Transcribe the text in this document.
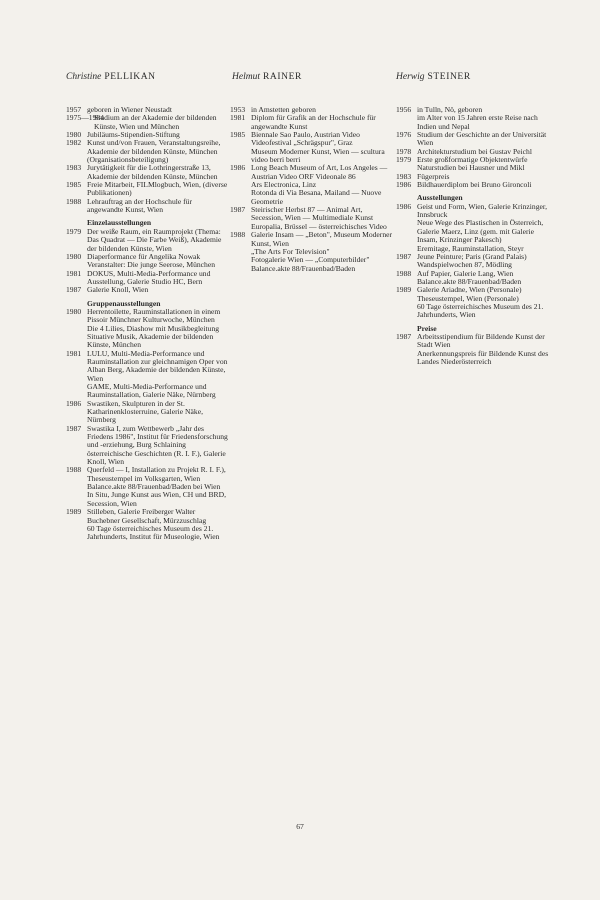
Christine PELLIKAN	Helmut RAINER	Herwig STEINER
1957 geboren in Wiener Neustadt
1975—1984
Studium an der Akademie der bildenden Künste, Wien und München
1980 Jubiläums-Stipendien-Stiftung
1982 Kunst und/von Frauen, Veranstaltungsreihe, Akademie der bildenden Künste, München (Organisationsbeteiligung)
1983 Jurytätigkeit für die Lothringerstraße 13, Akademie der bildenden Künste, München
1985 Freie Mitarbeit, FILMlogbuch, Wien, (diverse Publikationen)
1988 Lehrauftrag an der Hochschule für angewandte Kunst, Wien
Einzelausstellungen
1979 Der weiße Raum, ein Raumprojekt (Thema: Das Quadrat — Die Farbe Weiß), Akademie der bildenden Künste, Wien
1980 Diaperformance für Angelika Nowak
Veranstalter: Die junge Seerose, München
1981 DOKUS, Multi-Media-Performance und Ausstellung, Galerie Studio HC, Bern
1987 Galerie Knoll, Wien
Gruppenausstellungen
1980 Herrentoilette, Rauminstallationen in einem Pissoir Münchner Kulturwoche, München
Die 4 Lilies, Diashow mit Musikbegleitung
Situative Musik, Akademie der bildenden Künste, München
1981 LULU, Multi-Media-Performance und Rauminstallation zur gleichnamigen Oper von Alban Berg, Akademie der bildenden Künste, Wien
GAME, Multi-Media-Performance und Rauminstallation, Galerie Näke, Nürnberg
1986 Swastiken, Skulpturen in der St. Katharinenklosterruine, Galerie Näke, Nürnberg
1987 Swastika I, zum Wettbewerb „Jahr des Friedens 1986", Institut für Friedensforschung und -erziehung, Burg Schlaining
österreichische Geschichten (R. I. F.), Galerie Knoll, Wien
1988 Querfeld — I, Installation zu Projekt R. I. F.), Theseustempel im Volksgarten, Wien
Balance.akte 88/Frauenbad/Baden bei Wien
In Situ, Junge Kunst aus Wien, CH und BRD, Secession, Wien
1989 Stilleben, Galerie Freiberger Walter Buchebner Gesellschaft, Mürzzuschlag
60 Tage österreichisches Museum des 21. Jahrhunderts, Institut für Museologie, Wien
1953 in Amstetten geboren
1981 Diplom für Grafik an der Hochschule für angewandte Kunst
1985 Biennale Sao Paulo, Austrian Video
Videofestival „Schrägspur", Graz
Museum Moderner Kunst, Wien — scultura video berri berri
1986 Long Beach Museum of Art, Los Angeles — Austrian Video ORF Videonale 86
Ars Electronica, Linz
Rotonda di Via Besana, Mailand — Nuove Geometrie
1987 Steirischer Herbst 87 — Animal Art, Secession, Wien — Multimediale Kunst
Europalia, Brüssel — österreichisches Video
1988 Galerie Insam — „Beton", Museum Moderner Kunst, Wien
„The Arts For Television"
Fotogalerie Wien — „Computerbilder"
Balance.akte 88/Frauenbad/Baden
1956 in Tulln, Nö, geboren
im Alter von 15 Jahren erste Reise nach Indien und Nepal
1976 Studium der Geschichte an der Universität Wien
1978 Architekturstudium bei Gustav Peichl
1979 Erste großformatige Objektentwürfe
Naturstudien bei Hausner und Mikl
1983 Fügerpreis
1986 Bildhauerdiplom bei Bruno Gironcoli
Ausstellungen
1986 Geist und Form, Wien, Galerie Krinzinger, Innsbruck
Neue Wege des Plastischen in Österreich, Galerie Maerz, Linz (gem. mit Galerie Insam, Krinzinger Pakesch)
Eremitage, Rauminstallation, Steyr
1987 Jeune Peinture; Paris (Grand Palais)
Wandspielwochen 87, Mödling
1988 Auf Papier, Galerie Lang, Wien
Balance.akte 88/Frauenbad/Baden
1989 Galerie Ariadne, Wien (Personale)
Theseustempel, Wien (Personale)
60 Tage österreichisches Museum des 21. Jahrhunderts, Wien
Preise
1987 Arbeitsstipendium für Bildende Kunst der Stadt Wien
Anerkennungspreis für Bildende Kunst des Landes Niederösterreich
67
